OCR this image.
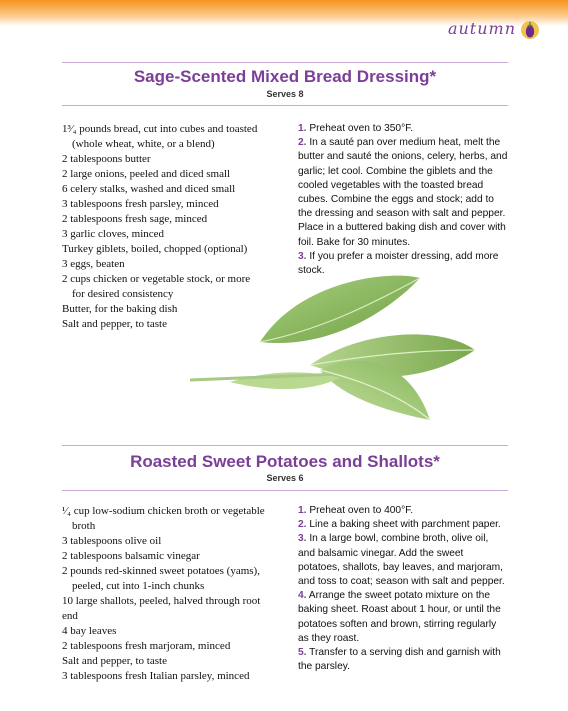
autumn
Sage-Scented Mixed Bread Dressing*
Serves 8

1³⁄₄ pounds bread, cut into cubes and toasted

(whole wheat, white, or a blend)

2 tablespoons butter

2 large onions, peeled and diced small

6 celery stalks, washed and diced small

3 tablespoons fresh parsley, minced

2 tablespoons fresh sage, minced

3 garlic cloves, minced

Turkey giblets, boiled, chopped (optional)

3 eggs, beaten

2 cups chicken or vegetable stock, or more

for desired consistency

Butter, for the baking dish

Salt and pepper, to taste

1. Preheat oven to 350°F.

2. In a sauté pan over medium heat, melt the butter and sauté the onions, celery, herbs, and garlic; let cool. Combine the giblets and the cooled vegetables with the toasted bread cubes. Combine the eggs and stock; add to the dressing and season with salt and pepper. Place in a buttered baking dish and cover with foil. Bake for 30 minutes.

3. If you prefer a moister dressing, add more stock.

Roasted Sweet Potatoes and Shallots*
Serves 6

¹⁄₄ cup low-sodium chicken broth or vegetable

broth

3 tablespoons olive oil

2 tablespoons balsamic vinegar

2 pounds red-skinned sweet potatoes (yams),

peeled, cut into 1-inch chunks

10 large shallots, peeled, halved through root end

4 bay leaves

2 tablespoons fresh marjoram, minced

Salt and pepper, to taste

3 tablespoons fresh Italian parsley, minced

1. Preheat oven to 400°F.

2. Line a baking sheet with parchment paper.

3. In a large bowl, combine broth, olive oil, and balsamic vinegar. Add the sweet potatoes, shallots, bay leaves, and marjoram, and toss to coat; season with salt and pepper.

4. Arrange the sweet potato mixture on the baking sheet. Roast about 1 hour, or until the potatoes soften and brown, stirring regularly as they roast.

5. Transfer to a serving dish and garnish with the parsley.
